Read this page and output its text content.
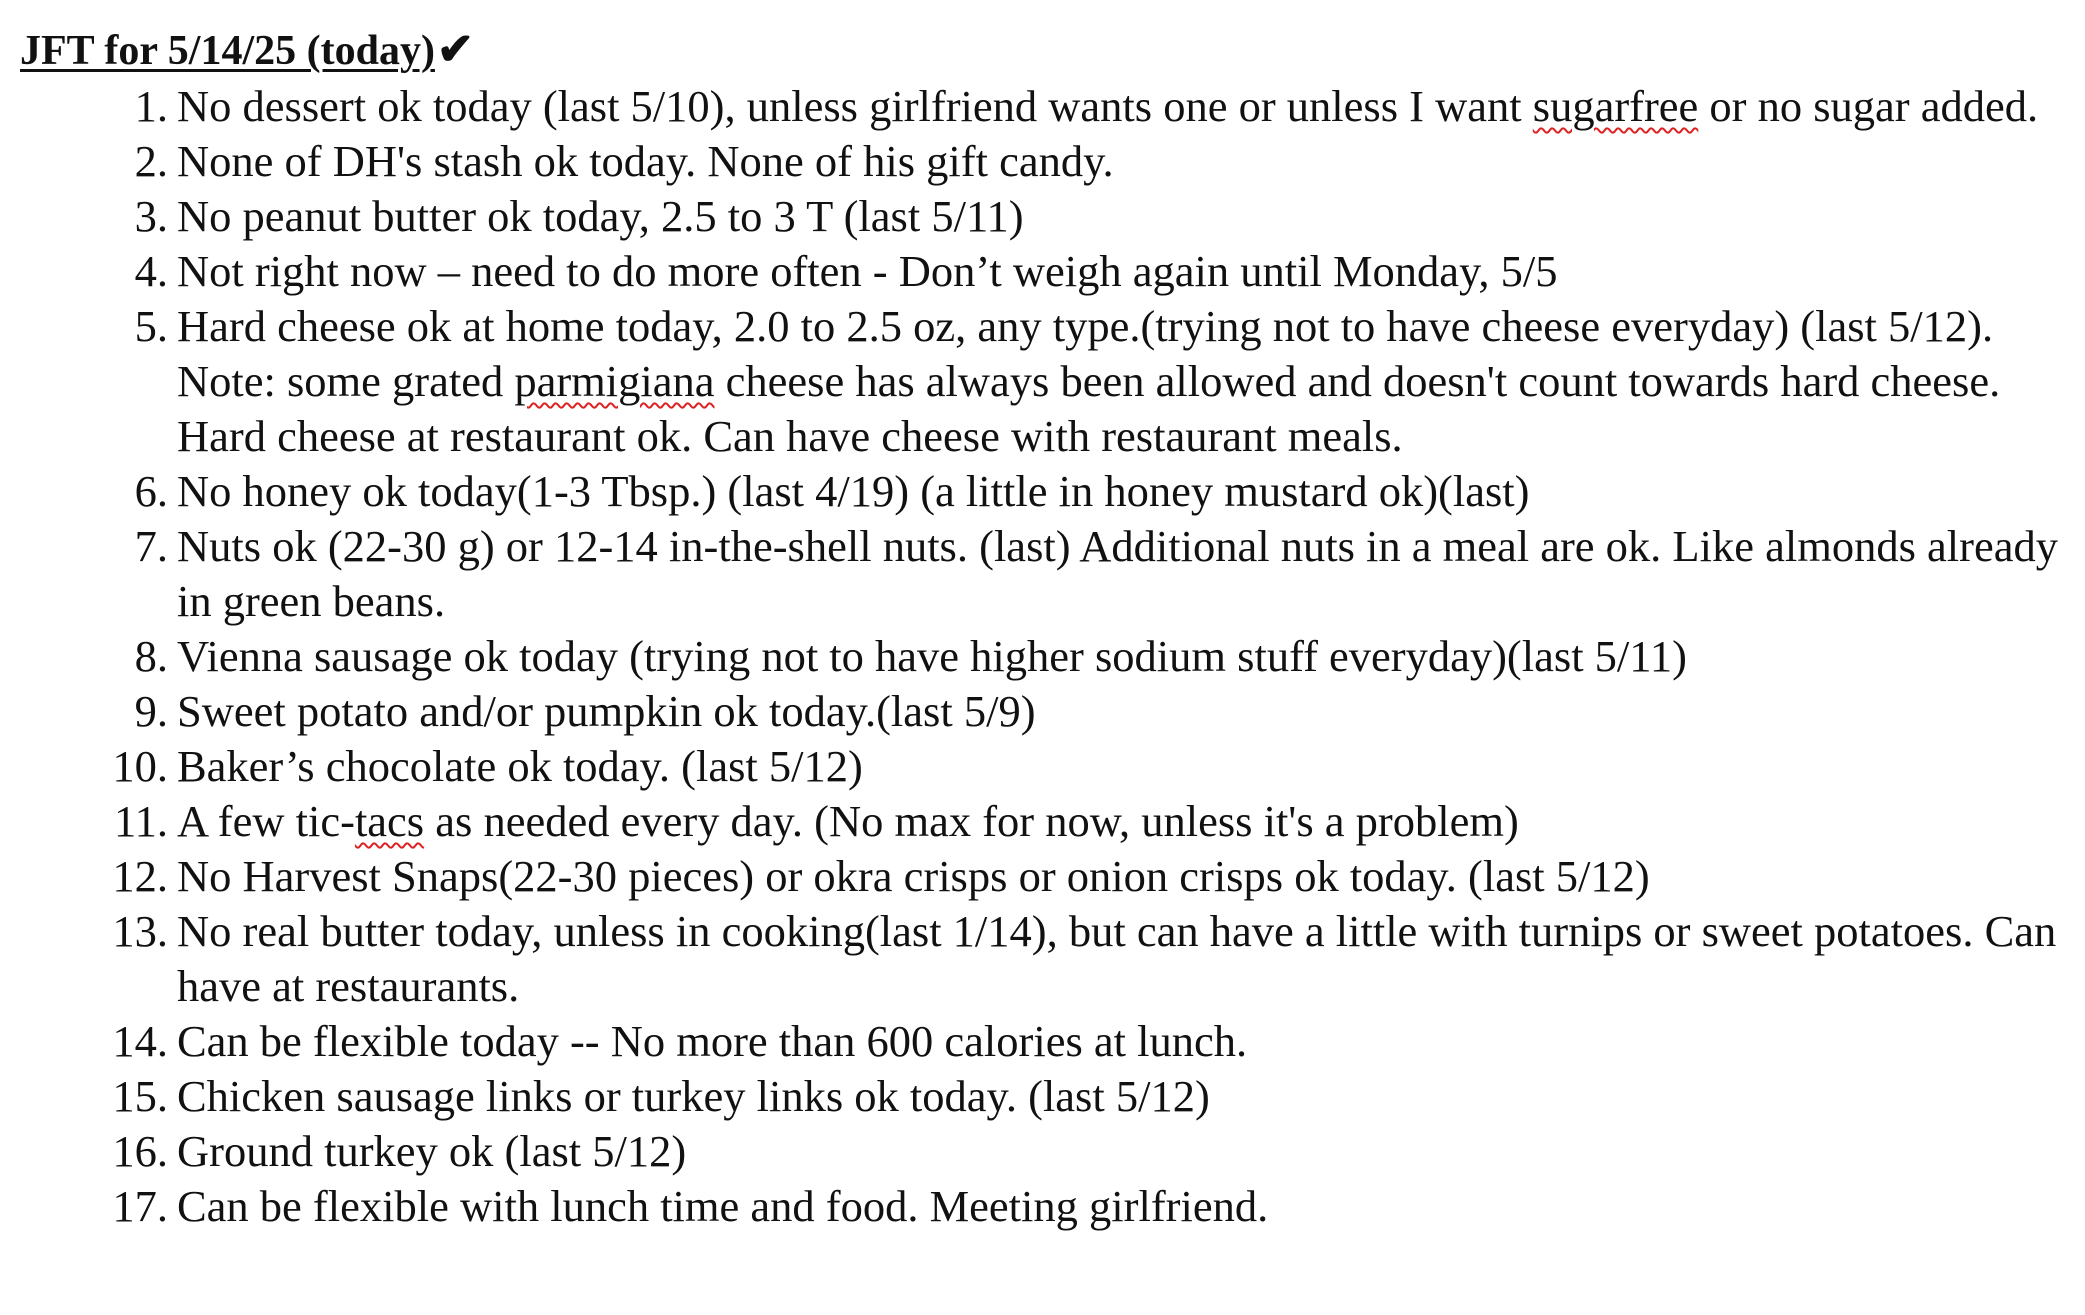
JFT for 5/14/25 (today)✔
1. No dessert ok today (last 5/10), unless girlfriend wants one or unless I want sugarfree or no sugar added.
2. None of DH's stash ok today. None of his gift candy.
3. No peanut butter ok today, 2.5 to 3 T (last 5/11)
4. Not right now – need to do more often - Don’t weigh again until Monday, 5/5
5. Hard cheese ok at home today, 2.0 to 2.5 oz, any type.(trying not to have cheese everyday) (last 5/12). Note: some grated parmigiana cheese has always been allowed and doesn't count towards hard cheese. Hard cheese at restaurant ok. Can have cheese with restaurant meals.
6. No honey ok today(1-3 Tbsp.) (last 4/19) (a little in honey mustard ok)(last)
7. Nuts ok (22-30 g) or 12-14 in-the-shell nuts. (last) Additional nuts in a meal are ok. Like almonds already in green beans.
8. Vienna sausage ok today (trying not to have higher sodium stuff everyday)(last 5/11)
9. Sweet potato and/or pumpkin ok today.(last 5/9)
10. Baker’s chocolate ok today. (last 5/12)
11. A few tic-tacs as needed every day. (No max for now, unless it's a problem)
12. No Harvest Snaps(22-30 pieces) or okra crisps or onion crisps ok today. (last 5/12)
13. No real butter today, unless in cooking(last 1/14), but can have a little with turnips or sweet potatoes. Can have at restaurants.
14. Can be flexible today -- No more than 600 calories at lunch.
15. Chicken sausage links or turkey links ok today. (last 5/12)
16. Ground turkey ok (last 5/12)
17. Can be flexible with lunch time and food. Meeting girlfriend.
